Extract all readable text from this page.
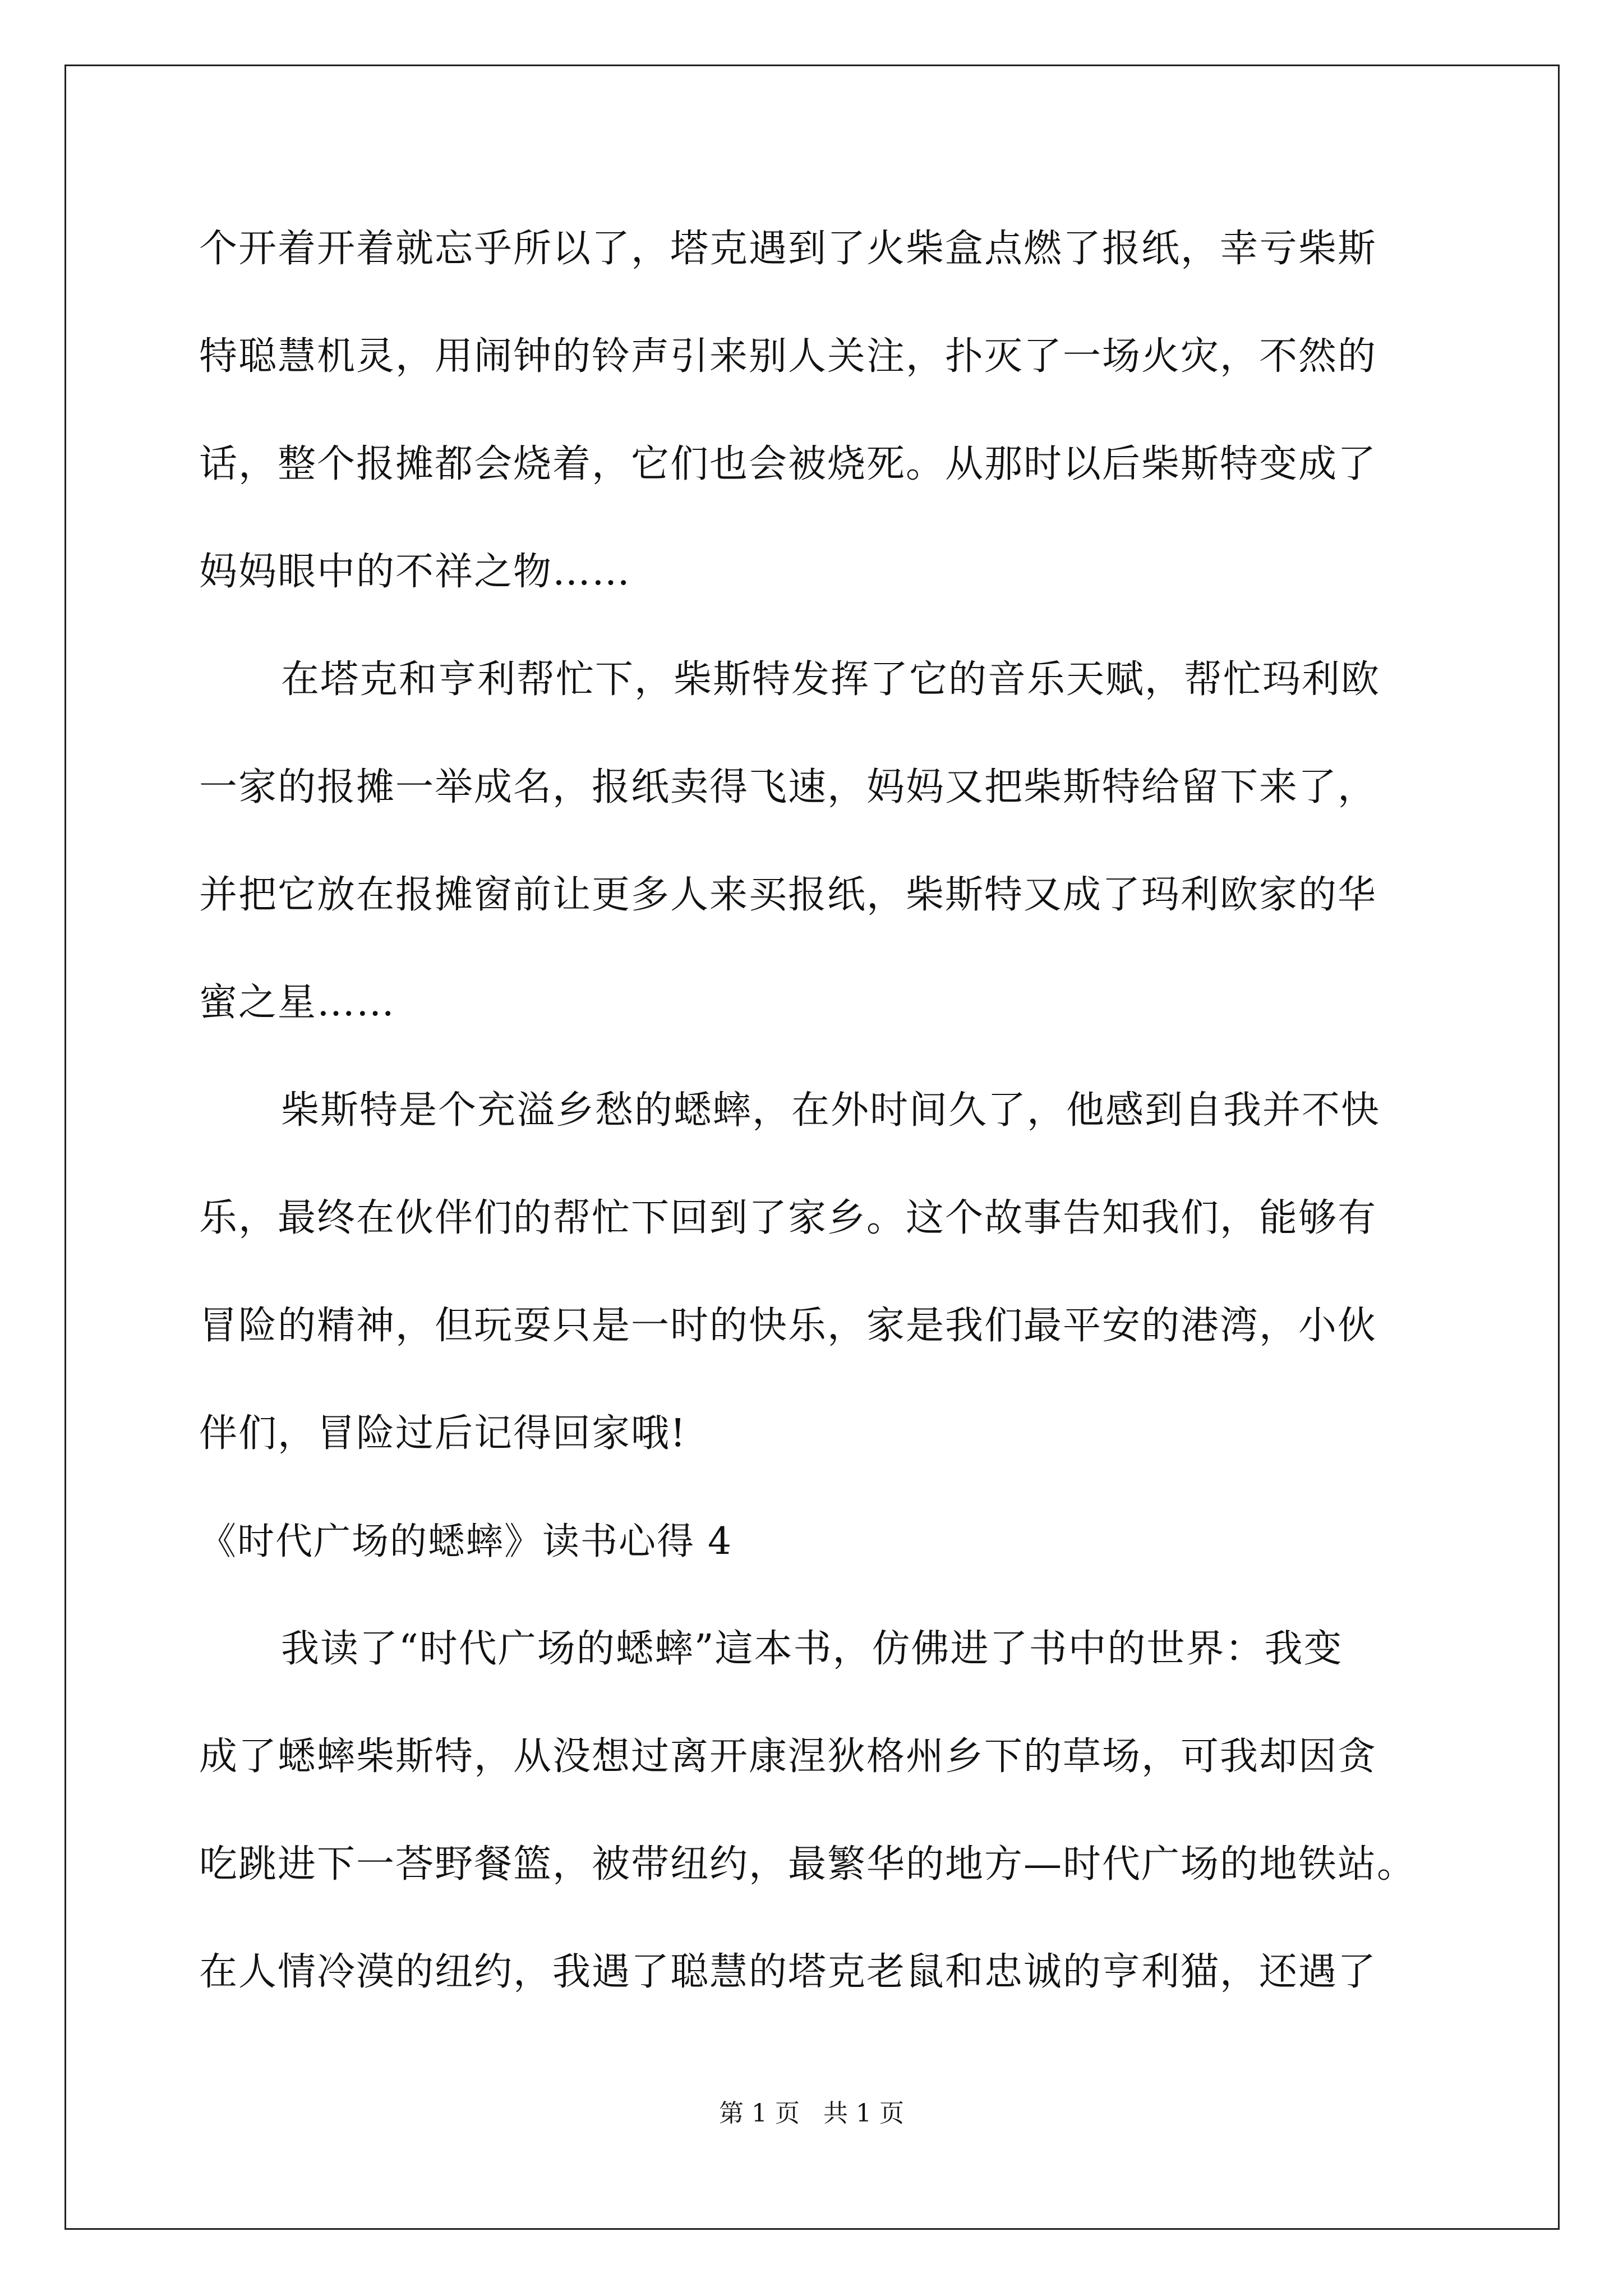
个开着开着就忘乎所以了，塔克遇到了火柴盒点燃了报纸，幸亏柴斯
特聪慧机灵，用闹钟的铃声引来别人关注，扑灭了一场火灾，不然的
话，整个报摊都会烧着，它们也会被烧死。从那时以后柴斯特变成了
妈妈眼中的不祥之物……
在塔克和亨利帮忙下，柴斯特发挥了它的音乐天赋，帮忙玛利欧
一家的报摊一举成名，报纸卖得飞速，妈妈又把柴斯特给留下来了，
并把它放在报摊窗前让更多人来买报纸，柴斯特又成了玛利欧家的华
蜜之星……
柴斯特是个充溢乡愁的蟋蟀，在外时间久了，他感到自我并不快
乐，最终在伙伴们的帮忙下回到了家乡。这个故事告知我们，能够有
冒险的精神，但玩耍只是一时的快乐，家是我们最平安的港湾，小伙
伴们，冒险过后记得回家哦!
《时代广场的蟋蟀》读书心得 4
我读了“时代广场的蟋蟀”這本书，仿佛进了书中的世界：我变
成了蟋蟀柴斯特，从没想过离开康涅狄格州乡下的草场，可我却因贪
吃跳进下一荅野餐篮，被带纽约，最繁华的地方—时代广场的地铁站。
在人情冷漠的纽约，我遇了聪慧的塔克老鼠和忠诚的亨利猫，还遇了
第 1 页   共 1 页
